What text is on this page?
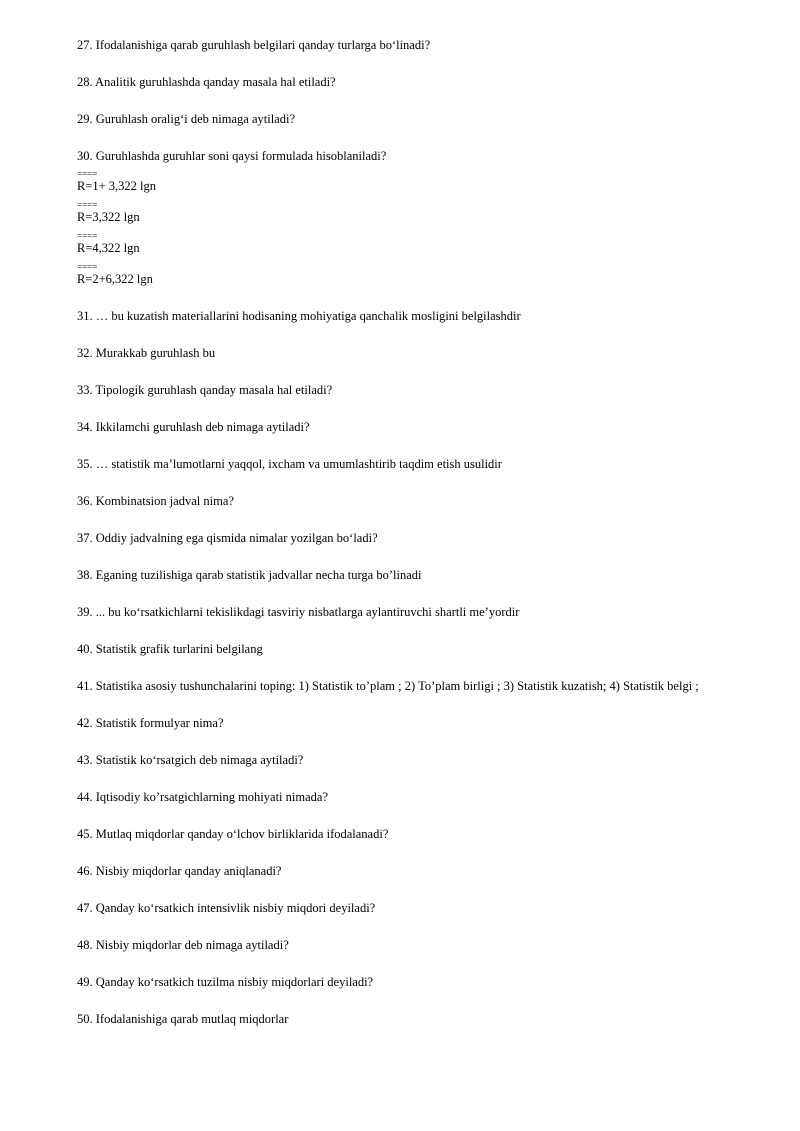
27. Ifodalanishiga qarab guruhlash belgilari qanday turlarga bo‘linadi?
28. Analitik guruhlashda qanday masala hal etiladi?
29. Guruhlash oralig‘i deb nimaga aytiladi?
30. Guruhlashda guruhlar soni qaysi formulada hisoblaniladi?
====
R=1+ 3,322 lgn
====
R=3,322 lgn
====
R=4,322 lgn
====
R=2+6,322 lgn
31. … bu kuzatish materiallarini hodisaning mohiyatiga qanchalik mosligini belgilashdir
32. Murakkab guruhlash bu
33. Tipologik guruhlash qanday masala hal etiladi?
34. Ikkilamchi guruhlash deb nimaga aytiladi?
35. … statistik ma’lumotlarni yaqqol, ixcham va umumlashtirib taqdim etish usulidir
36. Kombinatsion jadval nima?
37. Oddiy jadvalning ega qismida nimalar yozilgan bo‘ladi?
38. Eganing tuzilishiga qarab statistik jadvallar necha turga bo’linadi
39. ... bu ko‘rsatkichlarni tekislikdagi tasviriy nisbatlarga aylantiruvchi shartli me’yordir
40. Statistik grafik turlarini belgilang
41. Statistika asosiy tushunchalarini toping: 1) Statistik to’plam ; 2) To’plam birligi ; 3) Statistik kuzatish; 4) Statistik belgi ;
42. Statistik formulyar nima?
43. Statistik ko‘rsatgich deb nimaga aytiladi?
44. Iqtisodiy ko’rsatgichlarning mohiyati nimada?
45. Mutlaq miqdorlar qanday o‘lchov birliklarida ifodalanadi?
46. Nisbiy miqdorlar qanday aniqlanadi?
47. Qanday ko‘rsatkich intensivlik nisbiy miqdori deyiladi?
48. Nisbiy miqdorlar deb nimaga aytiladi?
49. Qanday ko‘rsatkich tuzilma nisbiy miqdorlari deyiladi?
50. Ifodalanishiga qarab mutlaq miqdorlar
